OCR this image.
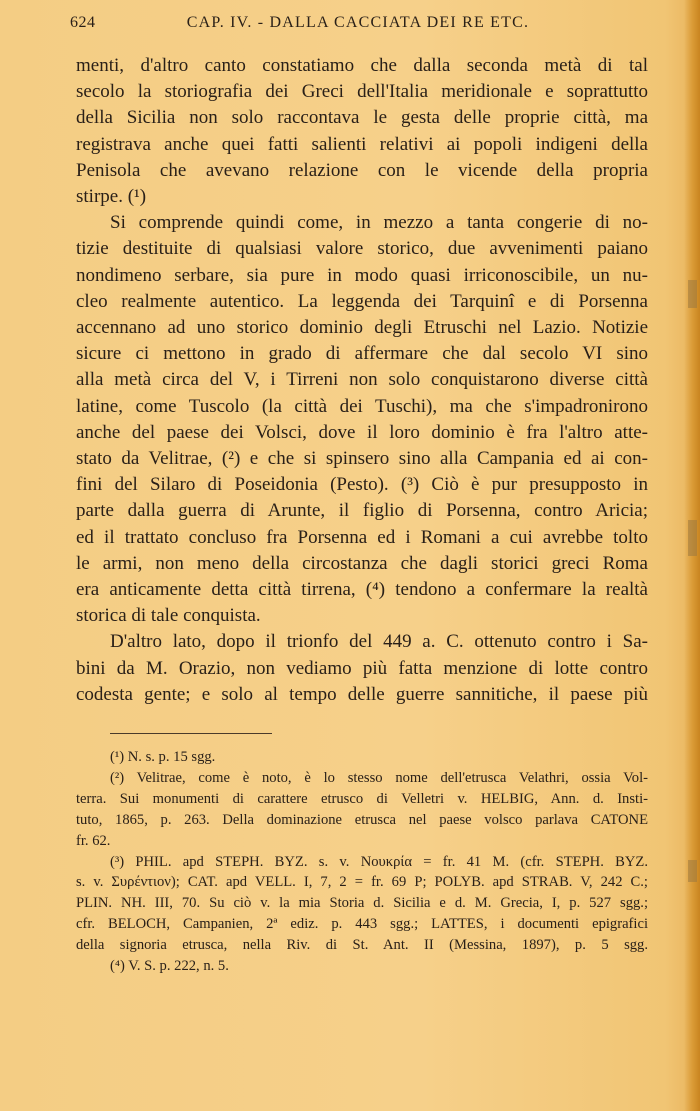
624	CAP. IV. - DALLA CACCIATA DEI RE ETC.
menti, d'altro canto constatiamo che dalla seconda metà di tal
secolo la storiografia dei Greci dell'Italia meridionale e soprattutto
della Sicilia non solo raccontava le gesta delle proprie città, ma
registrava anche quei fatti salienti relativi ai popoli indigeni della
Penisola che avevano relazione con le vicende della propria
stirpe. (¹)
Si comprende quindi come, in mezzo a tanta congerie di no-
tizie destituite di qualsiasi valore storico, due avvenimenti paiano
nondimeno serbare, sia pure in modo quasi irriconoscibile, un nu-
cleo realmente autentico. La leggenda dei Tarquinî e di Porsenna
accennano ad uno storico dominio degli Etruschi nel Lazio. Notizie
sicure ci mettono in grado di affermare che dal secolo VI sino
alla metà circa del V, i Tirreni non solo conquistarono diverse città
latine, come Tuscolo (la città dei Tuschi), ma che s'impadronirono
anche del paese dei Volsci, dove il loro dominio è fra l'altro atte-
stato da Velitrae, (²) e che si spinsero sino alla Campania ed ai con-
fini del Silaro di Poseidonia (Pesto). (³) Ciò è pur presupposto in
parte dalla guerra di Arunte, il figlio di Porsenna, contro Aricia;
ed il trattato concluso fra Porsenna ed i Romani a cui avrebbe tolto
le armi, non meno della circostanza che dagli storici greci Roma
era anticamente detta città tirrena, (⁴) tendono a confermare la realtà
storica di tale conquista.
D'altro lato, dopo il trionfo del 449 a. C. ottenuto contro i Sa-
bini da M. Orazio, non vediamo più fatta menzione di lotte contro
codesta gente; e solo al tempo delle guerre sannitiche, il paese più
(¹) N. s. p. 15 sgg.
(²) Velitrae, come è noto, è lo stesso nome dell'etrusca Velathri, ossia Vol-
terra. Sui monumenti di carattere etrusco di Velletri v. HELBIG, Ann. d. Insti-
tuto, 1865, p. 263. Della dominazione etrusca nel paese volsco parlava CATONE
fr. 62.
(³) PHIL. apd STEPH. BYZ. s. v. Νουκρία = fr. 41 M. (cfr. STEPH. BYZ.
s. v. Συρέντιον); CAT. apd VELL. I, 7, 2 = fr. 69 P; POLYB. apd STRAB. V, 242 C.;
PLIN. NH. III, 70. Su ciò v. la mia Storia d. Sicilia e d. M. Grecia, I, p. 527 sgg.;
cfr. BELOCH, Campanien, 2ª ediz. p. 443 sgg.; LATTES, i documenti epigrafici
della signoria etrusca, nella Riv. di St. Ant. II (Messina, 1897), p. 5 sgg.
(⁴) V. S. p. 222, n. 5.
